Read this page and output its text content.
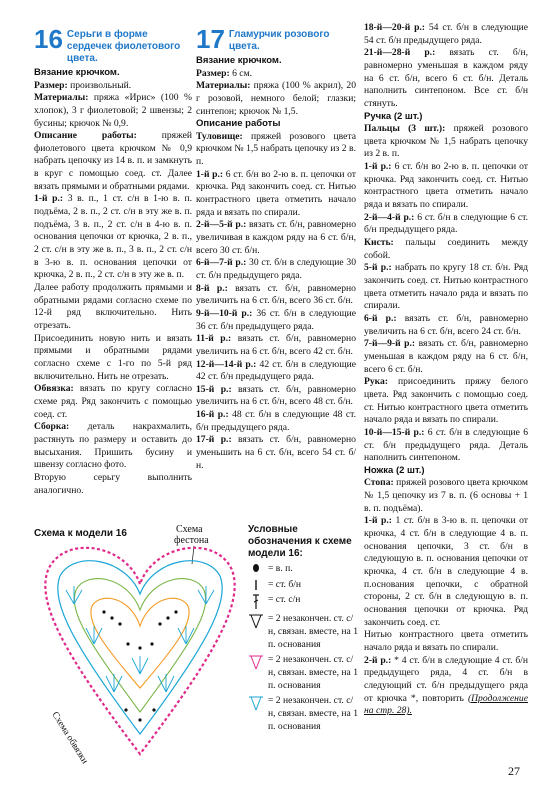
16 Серьги в форме сердечек фиолетового цвета.

Вязание крючком.

Размер: произвольный.

Материалы: пряжа «Ирис» (100 % хлопок), 3 г фиолетовой; 2 швензы; 2 бусины; крючок № 0,9.

Описание работы:	пряжей фиолетового цвета крючком № 0,9 набрать цепочку из 14 в. п. и замкнуть в круг с помощью соед. ст. Далее вязать прямыми и обратными рядами.

1-й р.: 3 в. п., 1 ст. с/н в 1-ю в. п. подъёма, 2 в. п., 2 ст. с/н в эту же в. п. подъёма, 3 в. п., 2 ст. с/н в 4-ю в. п. основания цепочки от крючка, 2 в. п., 2 ст. с/н в эту же в. п., 3 в. п., 2 ст. с/н в 3-ю в. п. основания цепочки от крючка, 2 в. п., 2 ст. с/н в эту же в. п.

Далее работу продолжить прямыми и обратными рядами согласно схеме по 12-й ряд включительно. Нить отрезать.

Присоединить новую нить и вязать прямыми и обратными рядами согласно схеме с 1-го по 5-й ряд включительно. Нить не отрезать.

Обвязка: вязать по кругу согласно схеме ряд. Ряд закончить с помощью соед. ст.

Сборка: деталь накрахмалить, растянуть по размеру и оставить до высыхания. Пришить бусину и швензу согласно фото.

Вторую серьгу выполнить аналогично.

17 Гламурчик розового цвета.

Вязание крючком.

Размер: 6 см.

Материалы: пряжа (100 % акрил), 20 г розовой, немного белой; глазки; синтепон; крючок № 1,5.

Описание работы

Туловище: пряжей розового цвета крючком № 1,5 набрать цепочку из 2 в. п.

1-й р.: 6 ст. б/н во 2-ю в. п. цепочки от крючка. Ряд закончить соед. ст. Нитью контрастного цвета отметить начало ряда и вязать по спирали.

2-й—5-й р.: вязать ст. б/н, равномерно увеличивая в каждом ряду на 6 ст. б/н, всего 30 ст. б/н.

6-й—7-й р.: 30 ст. б/н в следующие 30 ст. б/н предыдущего ряда.

8-й р.: вязать ст. б/н, равномерно увеличить на 6 ст. б/н, всего 36 ст. б/н.

9-й—10-й р.: 36 ст. б/н в следующие 36 ст. б/н предыдущего ряда.

11-й р.: вязать ст. б/н, равномерно увеличить на 6 ст. б/н, всего 42 ст. б/н.

12-й—14-й р.: 42 ст. б/н в следующие 42 ст. б/н предыдущего ряда.

15-й р.: вязать ст. б/н, равномерно увеличить на 6 ст. б/н, всего 48 ст. б/н.

16-й р.: 48 ст. б/н в следующие 48 ст. б/н предыдущего ряда.

17-й р.: вязать ст. б/н, равномерно уменьшить на 6 ст. б/н, всего 54 ст. б/н.

18-й—20-й р.: 54 ст. б/н в следующие 54 ст. б/н предыдущего ряда.

21-й—28-й р.: вязать ст. б/н, равномерно уменьшая в каждом ряду на 6 ст. б/н, всего 6 ст. б/н. Деталь наполнить синтепоном. Все ст. б/н стянуть.

Ручка (2 шт.)

Пальцы (3 шт.): пряжей розового цвета крючком № 1,5 набрать цепочку из 2 в. п.

1-й р.: 6 ст. б/н во 2-ю в. п. цепочки от крючка. Ряд закончить соед. ст. Нитью контрастного цвета отметить начало ряда и вязать по спирали.

2-й—4-й р.: 6 ст. б/н в следующие 6 ст. б/н предыдущего ряда.

Кисть: пальцы соединить между собой.

5-й р.: набрать по кругу 18 ст. б/н. Ряд закончить соед. ст. Нитью контрастного цвета отметить начало ряда и вязать по спирали.

6-й р.: вязать ст. б/н, равномерно увеличить на 6 ст. б/н, всего 24 ст. б/н.

7-й—9-й р.: вязать ст. б/н, равномерно уменьшая в каждом ряду на 6 ст. б/н, всего 6 ст. б/н.

Рука: присоединить пряжу белого цвета. Ряд закончить с помощью соед. ст. Нитью контрастного цвета отметить начало ряда и вязать по спирали.

10-й—15-й р.: 6 ст. б/н в следующие 6 ст. б/н предыдущего ряда. Деталь наполнить синтепоном.

Ножка (2 шт.)

Стопа: пряжей розового цвета крючком № 1,5 цепочку из 7 в. п. (6 основы + 1 в. п. подъёма).

1-й р.: 1 ст. б/н в 3-ю в. п. цепочки от крючка, 4 ст. б/н в следующие 4 в. п. основания цепочки, 3 ст. б/н в следующую в. п. основания цепочки от крючка, 4 ст. б/н в следующие 4 в. п.основания цепочки, с обратной стороны, 2 ст. б/н в следующую в. п. основания цепочки от крючка. Ряд закончить соед. ст.

Нитью контрастного цвета отметить начало ряда и вязать по спирали.

2-й р.: * 4 ст. б/н в следующие 4 ст. б/н предыдущего ряда, 4 ст. б/н в следующий ст. б/н предыдущего ряда от крючка *, повторить (Продолжение на стр. 28).

Схема к модели 16	Схема фестона
Схема обвязки
Условные обозначения к схеме модели 16:
= в. п.
= ст. б/н
= ст. с/н
= 2 незакончен. ст. с/н, связан. вместе, на 1 п. основания
= 2 незакончен. ст. с/н, связан. вместе, на 1 п. основания
= 2 незакончен. ст. с/н, связан. вместе, на 1 п. основания
27
